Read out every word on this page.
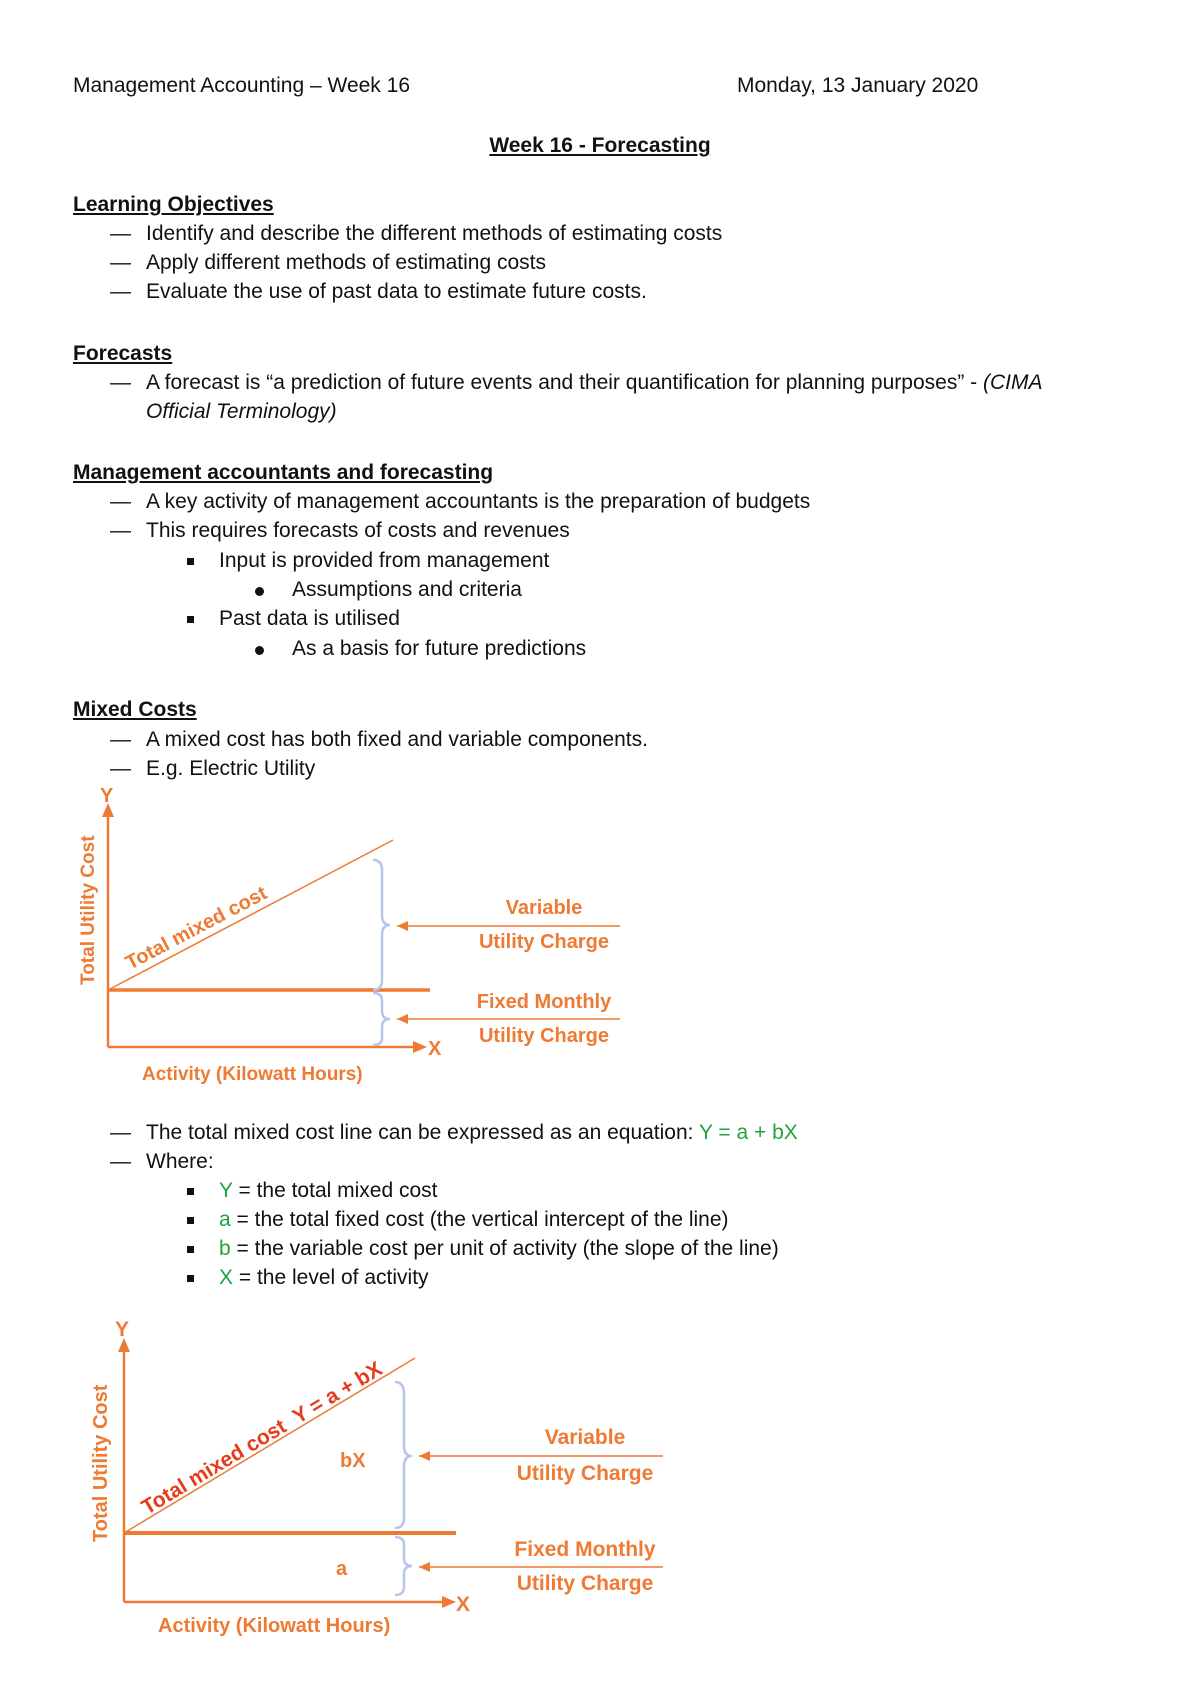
Management Accounting – Week 16	Monday, 13 January 2020
Week 16 - Forecasting
Learning Objectives
— Identify and describe the different methods of estimating costs
— Apply different methods of estimating costs
— Evaluate the use of past data to estimate future costs.
Forecasts
— A forecast is “a prediction of future events and their quantification for planning purposes” - (CIMA
Official Terminology)
Management accountants and forecasting
— A key activity of management accountants is the preparation of budgets
— This requires forecasts of costs and revenues
Input is provided from management
Assumptions and criteria
Past data is utilised
As a basis for future predictions
Mixed Costs
— A mixed cost has both fixed and variable components.
— E.g. Electric Utility
Y
X
Total Utility Cost
Activity (Kilowatt Hours)
Total mixed cost	Variable
Utility Charge
Fixed Monthly
Utility Charge
— The total mixed cost line can be expressed as an equation: Y = a + bX
— Where:
Y = the total mixed cost
a = the total fixed cost (the vertical intercept of the line)
b = the variable cost per unit of activity (the slope of the line)
X = the level of activity
Y
X
Total Utility Cost
Activity (Kilowatt Hours)
Total mixed costY = a + bX
bX
a
Variable
Utility Charge
Fixed Monthly
Utility Charge
